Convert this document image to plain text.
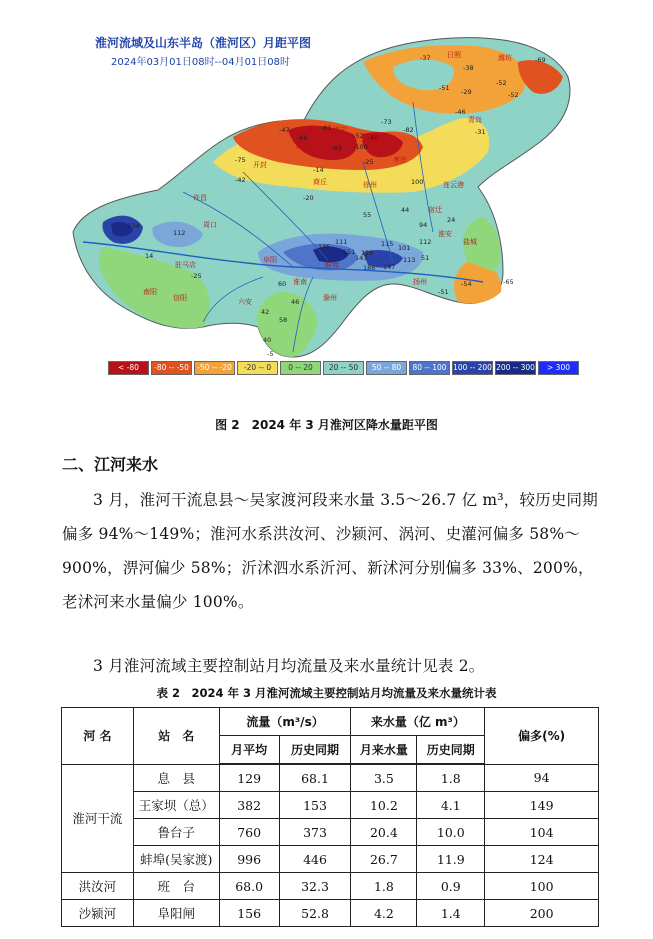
-47
-69
-61
-52
-100
-63
-60
-73
-82
-46
-29
-52
-52
-31
-69
-37
-38
-51
-25
-75
-14
-42
-20
55
44
100
94
24
112
111
135
151
143
126
115 101
186 147
113 51
134
112
14
-25
60
-51
-54	-65
58
40
-5
46
42
日照	潍坊
青岛
济宁
菏泽
枣庄
徐州	连云港
开封
商丘
宿迁
淮安
盐城
周口
许昌
阜阳
蚌埠
驻马店
信阳	六安
淮南	扬州
滁州
南阳
淮河流域及山东半岛（淮河区）月距平图
2024年03月01日08时--04月01日08时
< -80	-80 -- -50	-50 -- -20	-20 -- 0	0 -- 20	20 -- 50	50 -- 80	80 -- 100 100 -- 200 200 -- 300	> 300
图 2　2024 年 3 月淮河区降水量距平图
二、江河来水
3 月，淮河干流息县～吴家渡河段来水量 3.5～26.7 亿 m³，较历史同期偏多 94%～149%；淮河水系洪汝河、沙颍河、涡河、史灌河偏多 58%～900%，淠河偏少 58%；沂沭泗水系沂河、新沭河分别偏多 33%、200%，老沭河来水量偏少 100%。
3 月淮河流域主要控制站月均流量及来水量统计见表 2。
表 2　2024 年 3 月淮河流域主要控制站月均流量及来水量统计表
河 名	站　名	流量（m³/s）		来水量（亿 m³）		偏多(%)
		月平均	历史同期	月来水量	历史同期	
淮河干流	息　县	129	68.1	3.5	1.8	94
	王家坝（总）	382	153	10.2	4.1	149
	鲁台子	760	373	20.4	10.0	104
	蚌埠(吴家渡)	996	446	26.7	11.9	124
洪汝河	班　台	68.0	32.3	1.8	0.9	100
沙颍河	阜阳闸	156	52.8	4.2	1.4	200
